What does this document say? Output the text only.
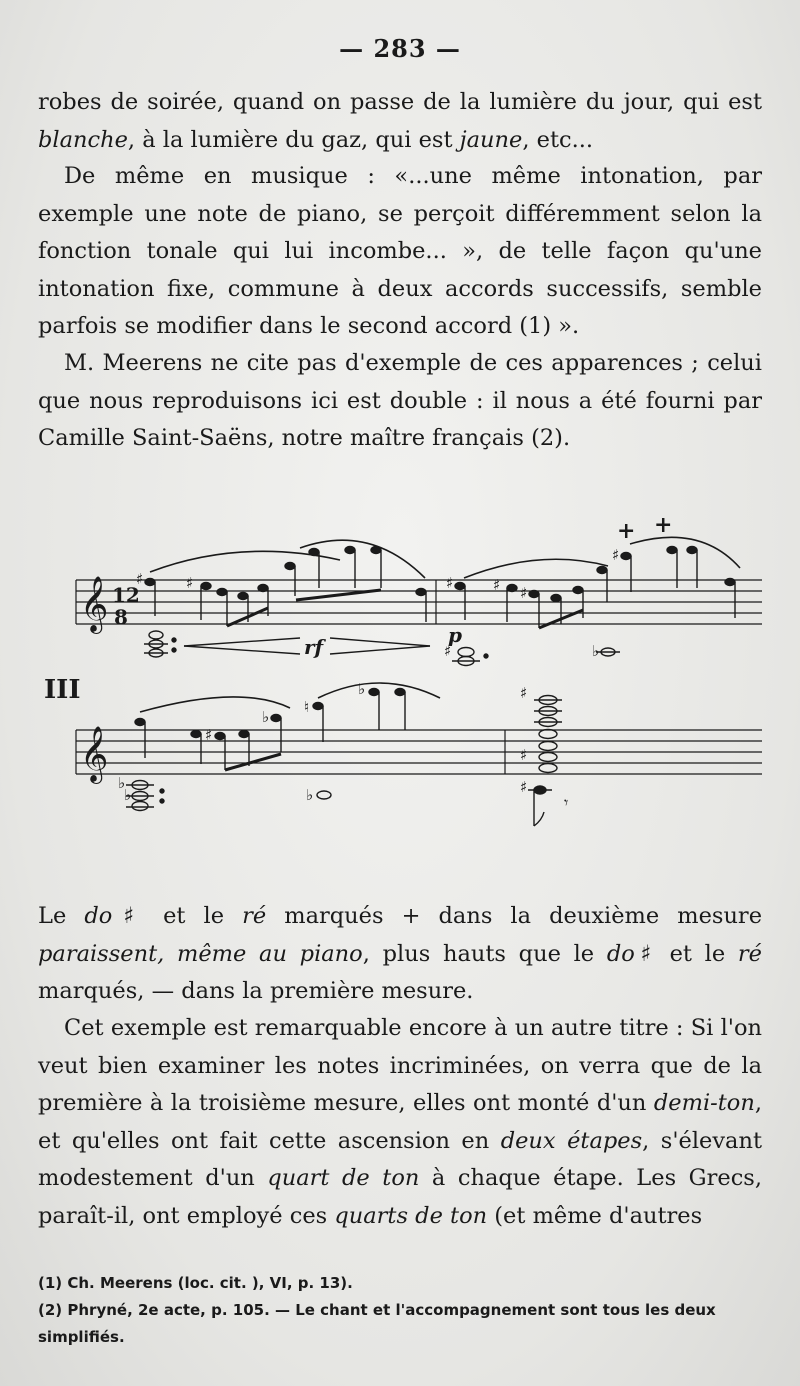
— 283 —

robes de soirée, quand on passe de la lumière du jour, qui est blanche, à la lumière du gaz, qui est jaune, etc...

De même en musique : «...une même intonation, par exemple une note de piano, se perçoit différemment selon la fonction tonale qui lui incombe... », de telle façon qu'une intonation fixe, commune à deux accords successifs, semble parfois se modifier dans le second accord (1) ».

M. Meerens ne cite pas d'exemple de ces apparences ; celui que nous reproduisons ici est double : il nous a été fourni par Camille Saint-Saëns, notre maître français (2).

𝄞 12
8
♯	♯
rf
♯	♯ ♯
♯
+ +
p
♯	♭
III
𝄞	♯
♭
♮
♭
♭
♭
♭
♯
♯
♯
𝄾

Le do♯ et le ré marqués + dans la deuxième mesure paraissent, même au piano, plus hauts que le do♯ et le ré marqués, — dans la première mesure.

Cet exemple est remarquable encore à un autre titre : Si l'on veut bien examiner les notes incriminées, on verra que de la première à la troisième mesure, elles ont monté d'un demi-ton, et qu'elles ont fait cette ascension en deux étapes, s'élevant modestement d'un quart de ton à chaque étape. Les Grecs, paraît-il, ont employé ces quarts de ton (et même d'autres

(1) Ch. Meerens (loc. cit. ), VI, p. 13).
(2) Phryné, 2e acte, p. 105. — Le chant et l'accompagnement sont tous les deux simplifiés.
